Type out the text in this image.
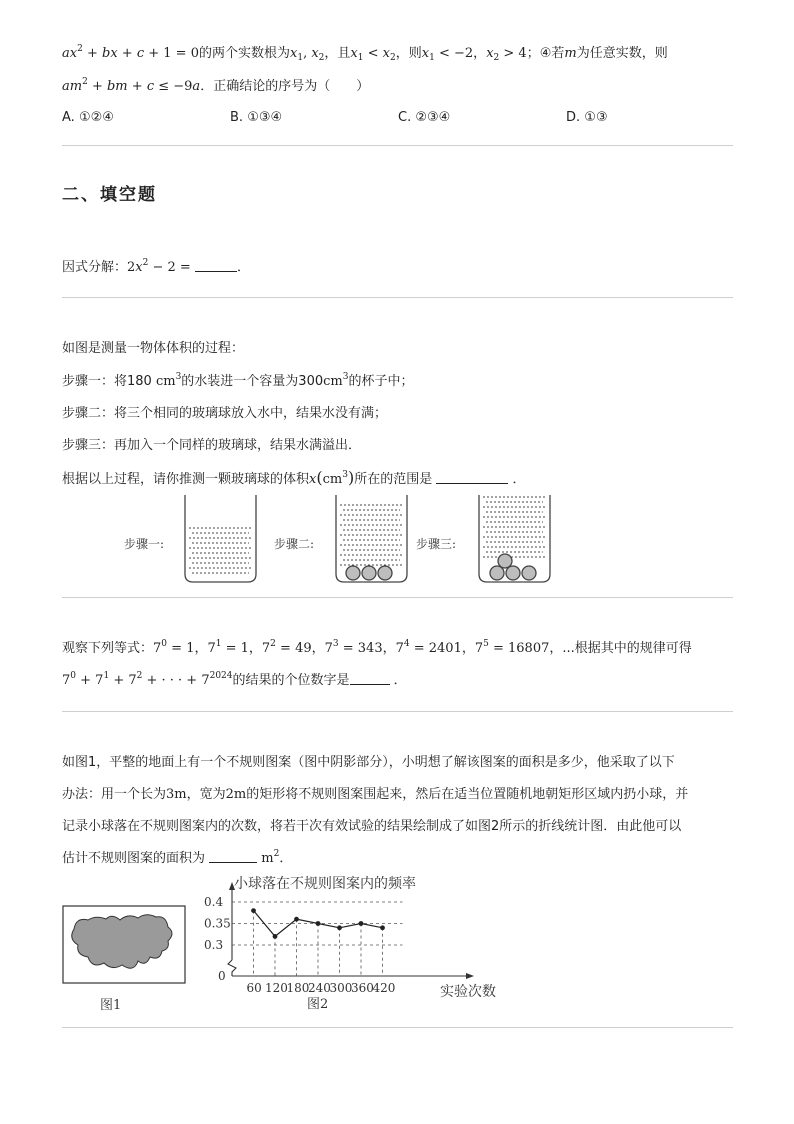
$ax^2$ + bx + c + 1 = 0的两个实数根为$x_1$, $x_2$，且$x_1 < x_2$，则$x_1 < -2$，$x_2 > 4$；④若m为任意实数，则
$am^2$ + bm + c ≤ −9a．正确结论的序号为（　　）
A. ①②④	B. ①③④	C. ②③④	D. ①③
二、填空题
因式分解：$2x^2 - 2$ =	．
如图是测量一物体体积的过程：
步骤一：将180 $cm^3$的水装进一个容量为$300cm^3$的杯子中；
步骤二：将三个相同的玻璃球放入水中，结果水没有满；
步骤三：再加入一个同样的玻璃球，结果水满溢出．
根据以上过程，请你推测一颗玻璃球的体积$x(cm^3)$所在的范围是	．
步骤一:	步骤二:	步骤三:
观察下列等式：$7^0 = 1$，$7^1 = 1$，$7^2 = 49$，$7^3 = 343$，$7^4 = 2401$，$7^5 = 16807$，...根据其中的规律可得
$7^0 + 7^1 + 7^2$ + · · · + $7^{2024}$的结果的个位数字是	．
如图1，平整的地面上有一个不规则图案（图中阴影部分），小明想了解该图案的面积是多少，他采取了以下
办法：用一个长为3m，宽为2m的矩形将不规则图案围起来，然后在适当位置随机地朝矩形区域内扔小球，并
记录小球落在不规则图案内的次数，将若干次有效试验的结果绘制成了如图2所示的折线统计图．由此他可以
估计不规则图案的面积为	$m^2$．
图1
小球落在不规则图案内的频率
0
0.4
0.35
0.3
60 120
180
240
300
360
420	实验次数
图2
